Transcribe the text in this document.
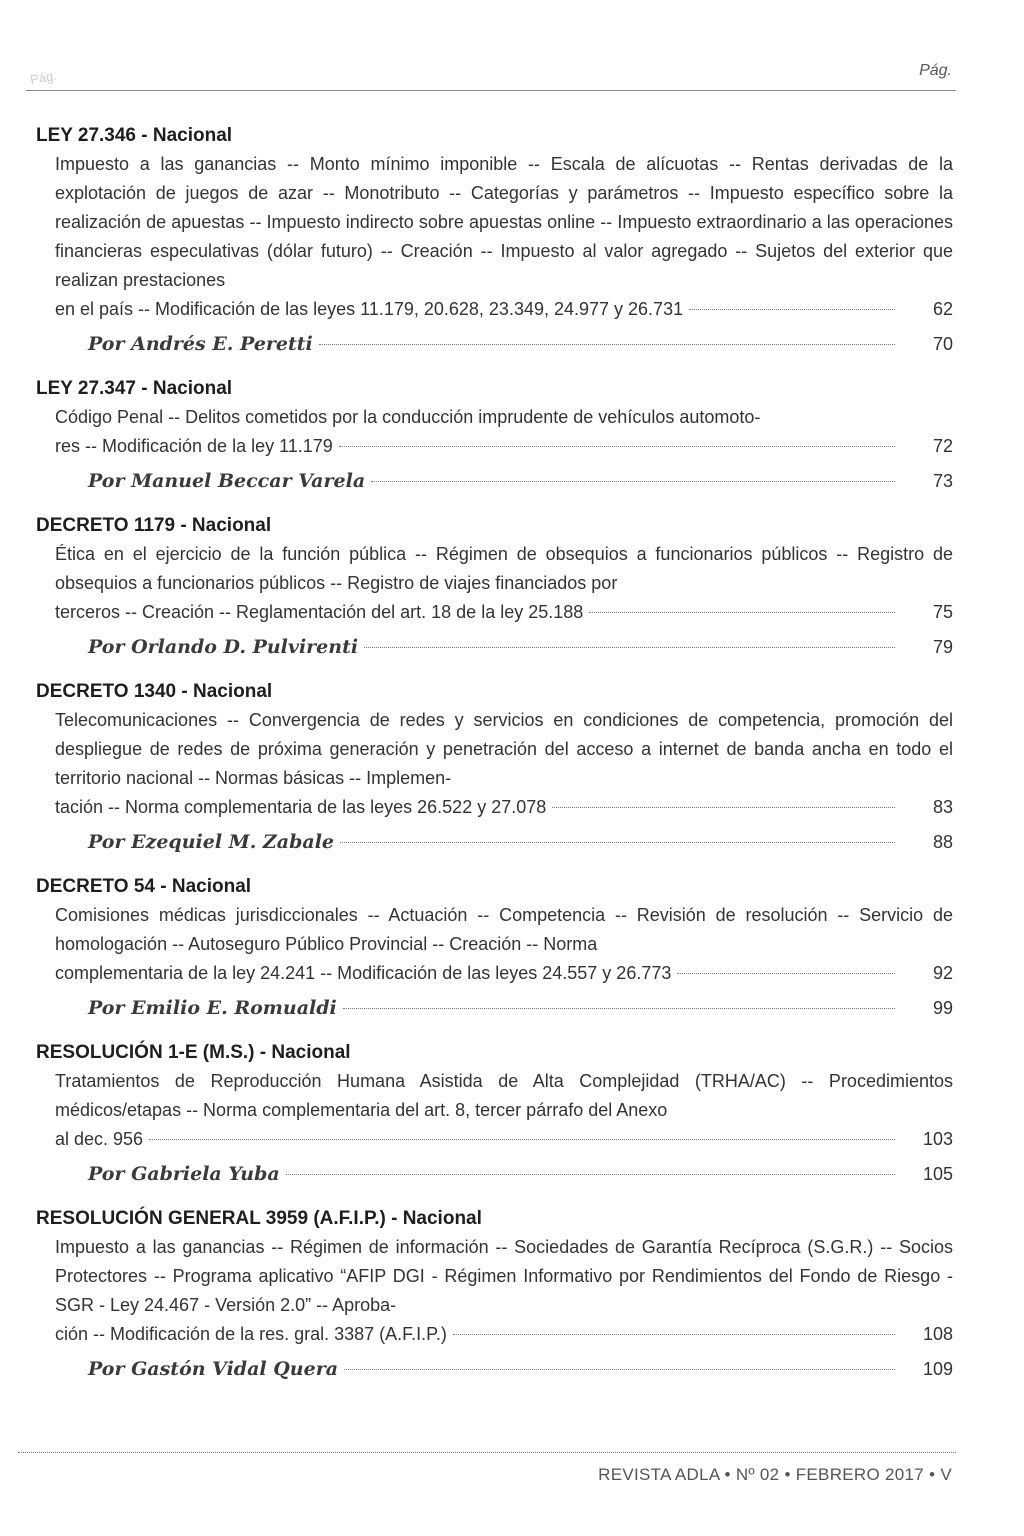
Pág.	Pág.
LEY 27.346 - Nacional
Impuesto a las ganancias -- Monto mínimo imponible -- Escala de alícuotas -- Rentas derivadas de la explotación de juegos de azar -- Monotributo -- Categorías y parámetros -- Impuesto específico sobre la realización de apuestas -- Impuesto indirecto sobre apuestas online -- Impuesto extraordinario a las operaciones financieras especulativas (dólar futuro) -- Creación -- Impuesto al valor agregado -- Sujetos del exterior que realizan prestaciones
en el país -- Modificación de las leyes 11.179, 20.628, 23.349, 24.977 y 26.731	62
Por Andrés E. Peretti	70
LEY 27.347 - Nacional
Código Penal -- Delitos cometidos por la conducción imprudente de vehículos automoto-
res -- Modificación de la ley 11.179	72
Por Manuel Beccar Varela	73
DECRETO 1179 - Nacional
Ética en el ejercicio de la función pública -- Régimen de obsequios a funcionarios públicos -- Registro de obsequios a funcionarios públicos -- Registro de viajes financiados por
terceros -- Creación -- Reglamentación del art. 18 de la ley 25.188	75
Por Orlando D. Pulvirenti	79
DECRETO 1340 - Nacional
Telecomunicaciones -- Convergencia de redes y servicios en condiciones de competencia, promoción del despliegue de redes de próxima generación y penetración del acceso a internet de banda ancha en todo el territorio nacional -- Normas básicas -- Implemen-
tación -- Norma complementaria de las leyes 26.522 y 27.078	83
Por Ezequiel M. Zabale	88
DECRETO 54 - Nacional
Comisiones médicas jurisdiccionales -- Actuación -- Competencia -- Revisión de resolución -- Servicio de homologación -- Autoseguro Público Provincial -- Creación -- Norma
complementaria de la ley 24.241 -- Modificación de las leyes 24.557 y 26.773	92
Por Emilio E. Romualdi	99
RESOLUCIÓN 1-E (M.S.) - Nacional
Tratamientos de Reproducción Humana Asistida de Alta Complejidad (TRHA/AC) -- Procedimientos médicos/etapas -- Norma complementaria del art. 8, tercer párrafo del Anexo
al dec. 956	103
Por Gabriela Yuba	105
RESOLUCIÓN GENERAL 3959 (A.F.I.P.) - Nacional
Impuesto a las ganancias -- Régimen de información -- Sociedades de Garantía Recíproca (S.G.R.) -- Socios Protectores -- Programa aplicativo “AFIP DGI - Régimen Informativo por Rendimientos del Fondo de Riesgo - SGR - Ley 24.467 - Versión 2.0” -- Aproba-
ción -- Modificación de la res. gral. 3387 (A.F.I.P.)	108
Por Gastón Vidal Quera	109
REVISTA ADLA • Nº 02 • FEBRERO 2017 • V
